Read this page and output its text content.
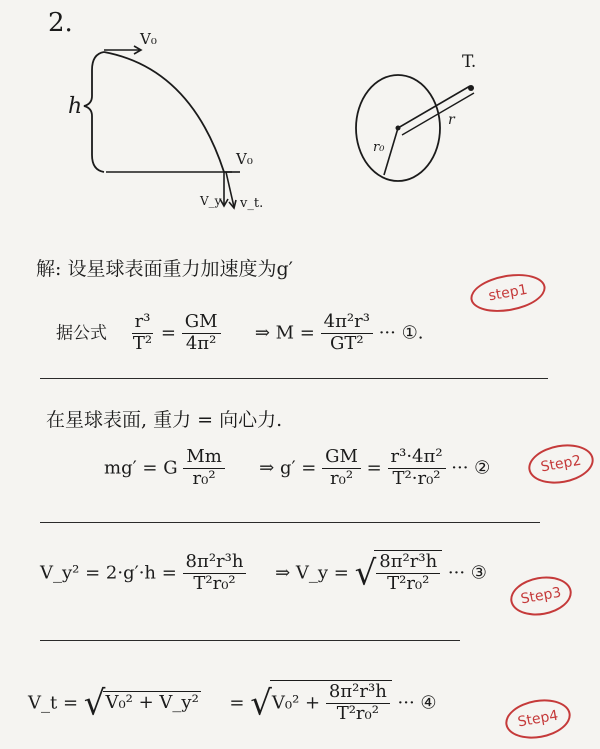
2.
V₀
h
V₀
V_y v_t.
T.
r
r₀
解: 设星球表面重力加速度为g′
step1
据公式 $\frac{\text{r³}}{\text{T²}} = \frac{GM}{\text{4π²}}$ ⇒ $M = \frac{\text{4π²r³}}{\text{GT²}}$ ··· ①.
在星球表面, 重力 = 向心力.
mg′ = G $\frac{Mm}{\text{r₀²}}$ ⇒ $g' = \frac{GM}{\text{r₀²}} = \frac{\text{r³·4π²}}{\text{T²·r₀²}}$ ··· ②	Step2
V_y² = $2\cdot g'\cdot h = \frac{\text{8π²r³h}}{\text{T²r₀²}}$ ⇒ V_y = √ $\frac{\text{8π²r³h}}{\text{T²r₀²}}$ ··· ③
Step3
V_t = √V₀² + V_y² = $√V_0^2 + \frac{\text{8π²r³h}}{\text{T²r₀²}}$ ··· ④
Step4
